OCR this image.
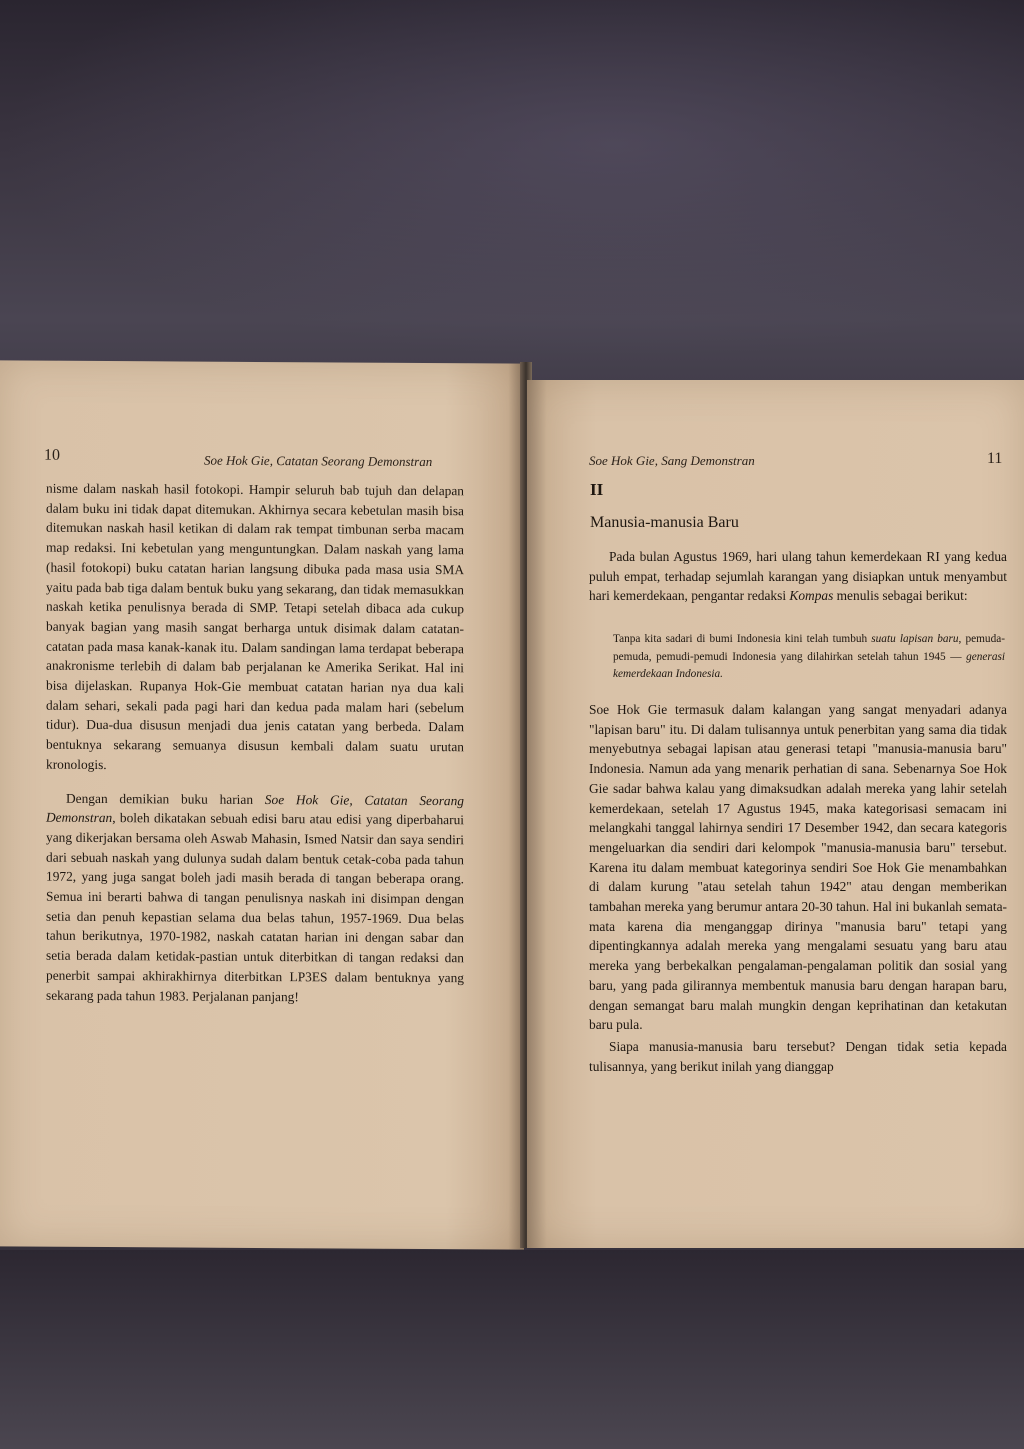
10	Soe Hok Gie, Catatan Seorang Demonstran

nisme dalam naskah hasil fotokopi. Hampir seluruh bab tujuh dan delapan dalam buku ini tidak dapat ditemukan. Akhirnya secara kebetulan masih bisa ditemukan naskah hasil ketikan di dalam rak tempat timbunan serba macam map redaksi. Ini kebetulan yang menguntungkan. Dalam naskah yang lama (hasil fotokopi) buku catatan harian langsung dibuka pada masa usia SMA yaitu pada bab tiga dalam bentuk buku yang sekarang, dan tidak memasukkan naskah ketika penulisnya berada di SMP. Tetapi setelah dibaca ada cukup banyak bagian yang masih sangat berharga untuk disimak dalam catatan-catatan pada masa kanak-kanak itu. Dalam sandingan lama terdapat beberapa anakronisme terlebih di dalam bab perjalanan ke Amerika Serikat. Hal ini bisa dijelaskan. Rupanya Hok-Gie membuat catatan harian nya dua kali dalam sehari, sekali pada pagi hari dan kedua pada malam hari (sebelum tidur). Dua-dua disusun menjadi dua jenis catatan yang berbeda. Dalam bentuknya sekarang semuanya disusun kembali dalam suatu urutan kronologis.

Dengan demikian buku harian Soe Hok Gie, Catatan Seorang Demonstran, boleh dikatakan sebuah edisi baru atau edisi yang diperbaharui yang dikerjakan bersama oleh Aswab Mahasin, Ismed Natsir dan saya sendiri dari sebuah naskah yang dulunya sudah dalam bentuk cetak-coba pada tahun 1972, yang juga sangat boleh jadi masih berada di tangan beberapa orang. Semua ini berarti bahwa di tangan penulisnya naskah ini disimpan dengan setia dan penuh kepastian selama dua belas tahun, 1957-1969. Dua belas tahun berikutnya, 1970-1982, naskah catatan harian ini dengan sabar dan setia berada dalam ketidak-pastian untuk diterbitkan di tangan redaksi dan penerbit sampai akhirakhirnya diterbitkan LP3ES dalam bentuknya yang sekarang pada tahun 1983. Perjalanan panjang!

Soe Hok Gie, Sang Demonstran	11
II
Manusia-manusia Baru

Pada bulan Agustus 1969, hari ulang tahun kemerdekaan RI yang kedua puluh empat, terhadap sejumlah karangan yang disiapkan untuk menyambut hari kemerdekaan, pengantar redaksi Kompas menulis sebagai berikut:

Tanpa kita sadari di bumi Indonesia kini telah tumbuh suatu lapisan baru, pemuda-pemuda, pemudi-pemudi Indonesia yang dilahirkan setelah tahun 1945 — generasi kemerdekaan Indonesia.

Soe Hok Gie termasuk dalam kalangan yang sangat menyadari adanya "lapisan baru" itu. Di dalam tulisannya untuk penerbitan yang sama dia tidak menyebutnya sebagai lapisan atau generasi tetapi "manusia-manusia baru" Indonesia. Namun ada yang menarik perhatian di sana. Sebenarnya Soe Hok Gie sadar bahwa kalau yang dimaksudkan adalah mereka yang lahir setelah kemerdekaan, setelah 17 Agustus 1945, maka kategorisasi semacam ini melangkahi tanggal lahirnya sendiri 17 Desember 1942, dan secara kategoris mengeluarkan dia sendiri dari kelompok "manusia-manusia baru" tersebut. Karena itu dalam membuat kategorinya sendiri Soe Hok Gie menambahkan di dalam kurung "atau setelah tahun 1942" atau dengan memberikan tambahan mereka yang berumur antara 20-30 tahun. Hal ini bukanlah semata-mata karena dia menganggap dirinya "manusia baru" tetapi yang dipentingkannya adalah mereka yang mengalami sesuatu yang baru atau mereka yang berbekalkan pengalaman-pengalaman politik dan sosial yang baru, yang pada gilirannya membentuk manusia baru dengan harapan baru, dengan semangat baru malah mungkin dengan keprihatinan dan ketakutan baru pula.

Siapa manusia-manusia baru tersebut? Dengan tidak setia kepada tulisannya, yang berikut inilah yang dianggap
